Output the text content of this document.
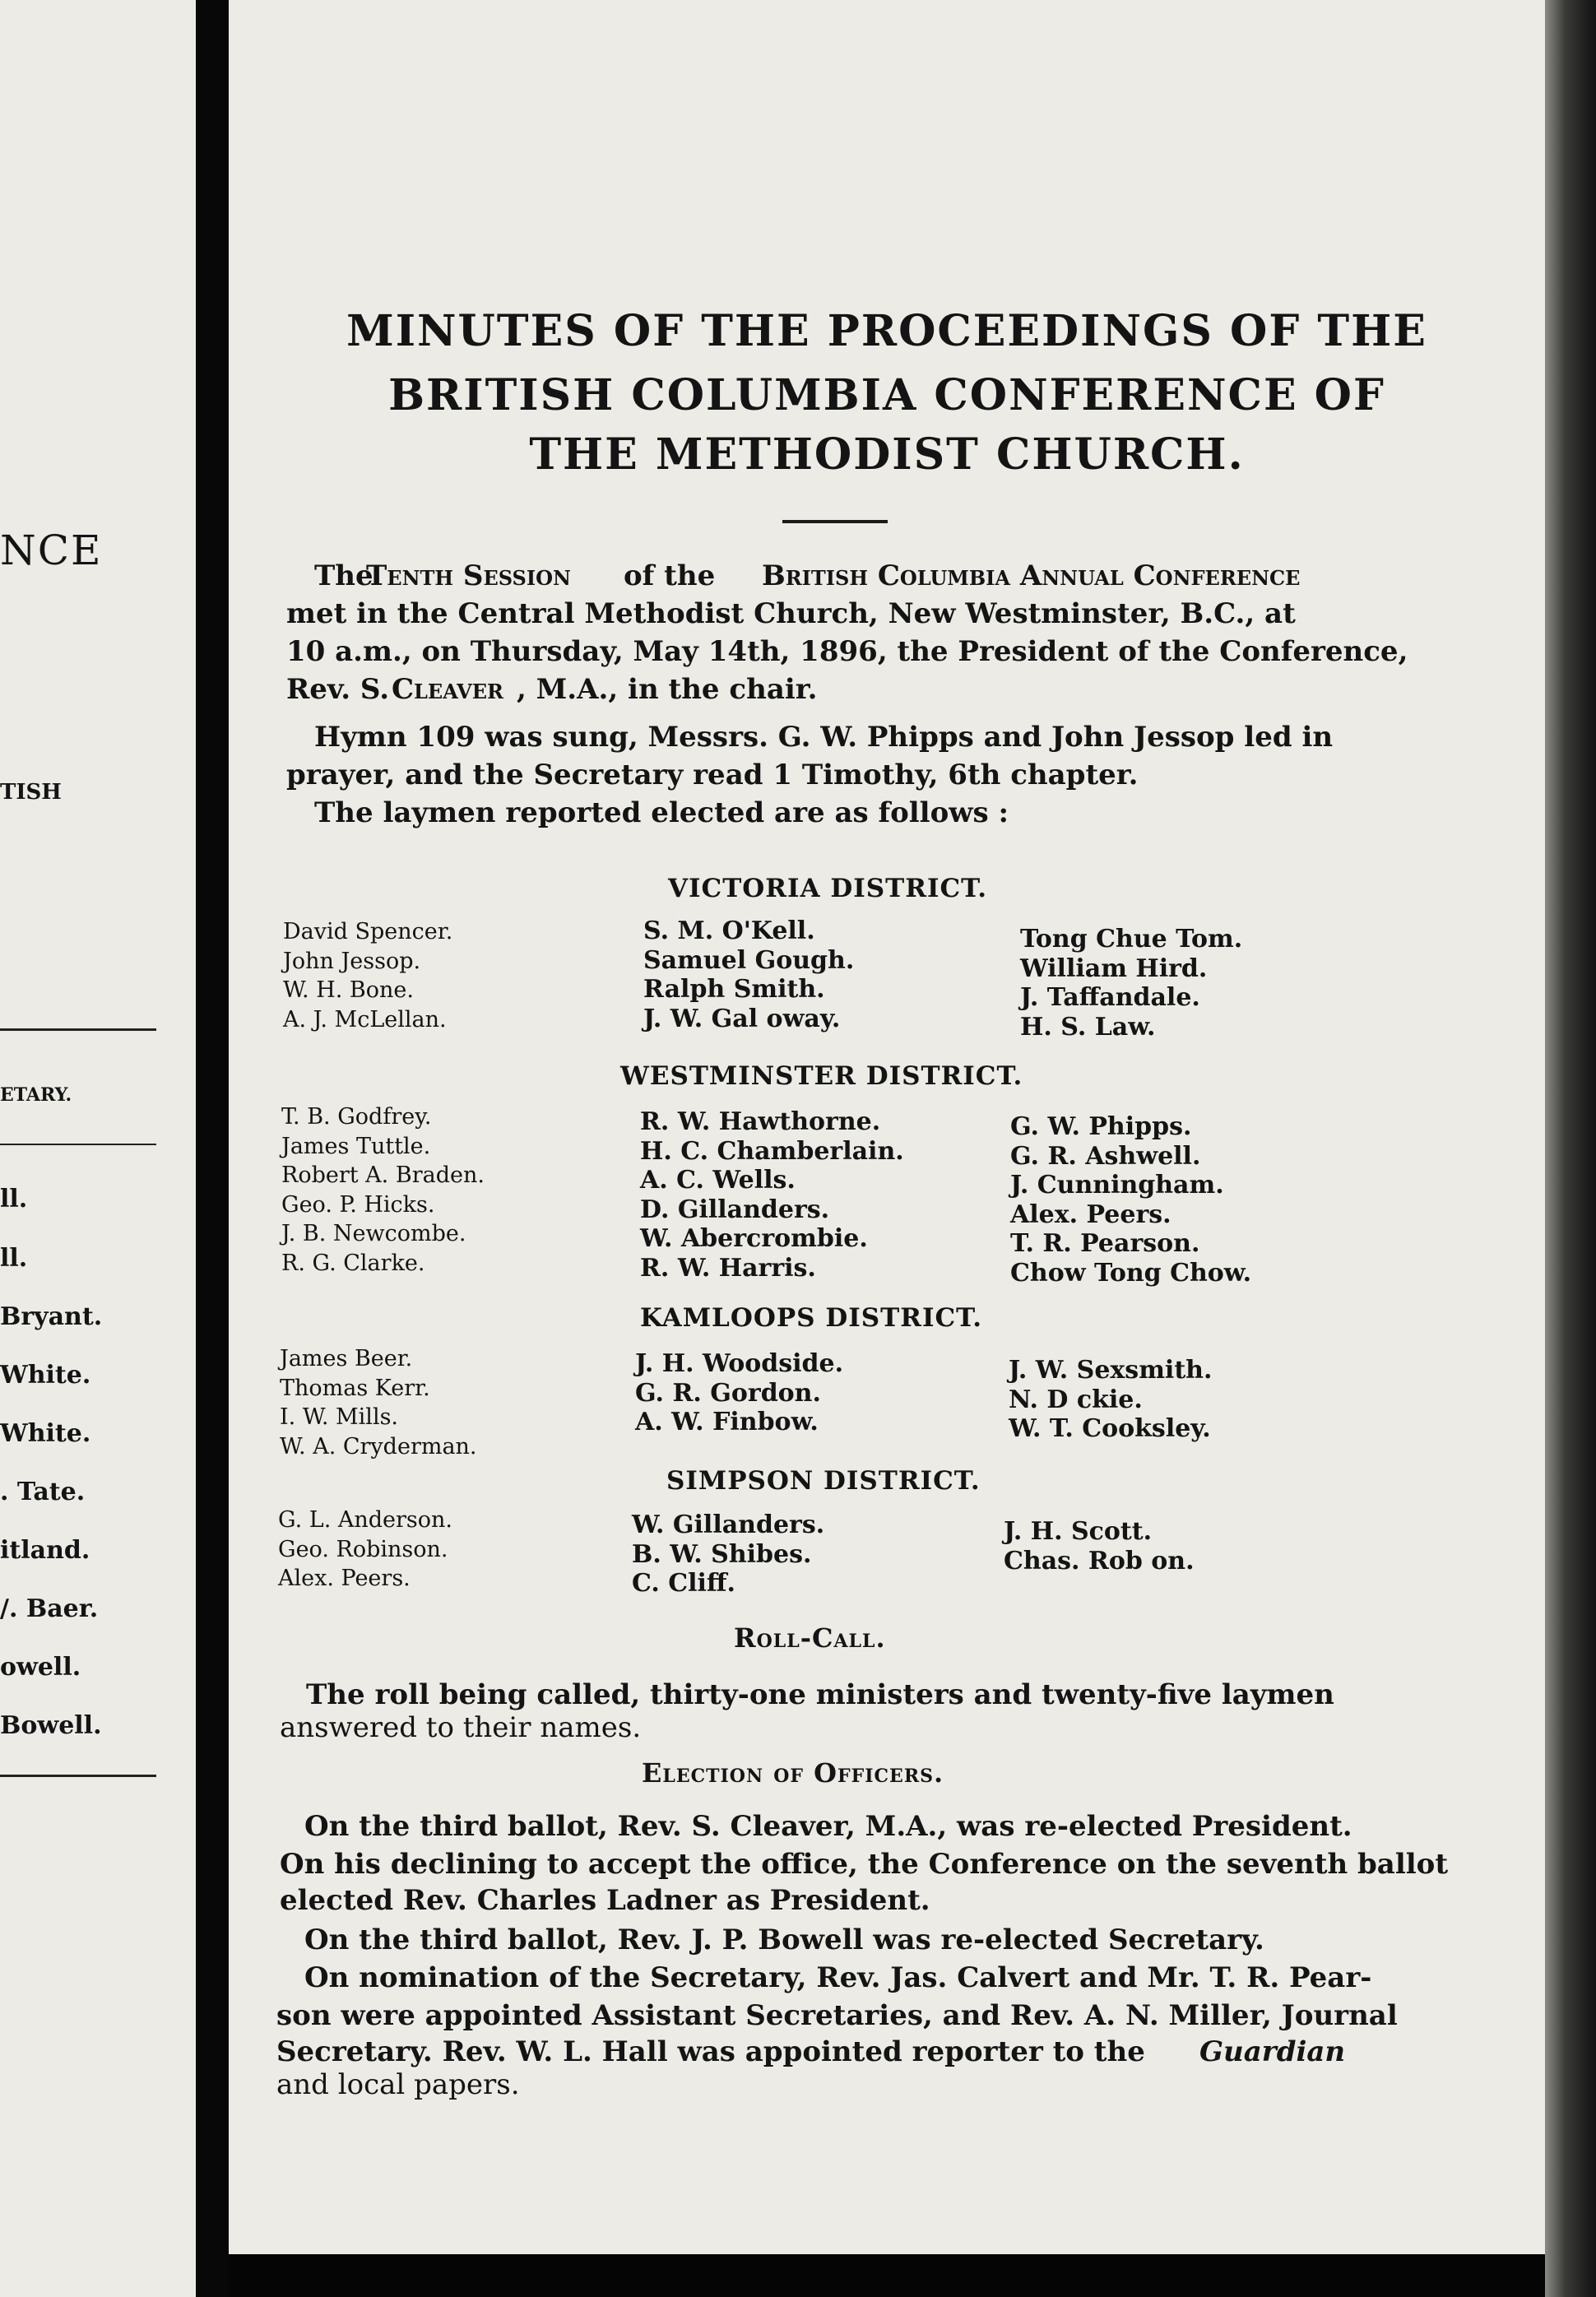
NCE
TISH
ETARY.
ll.
ll.
Bryant.
White.
White.
. Tate.
itland.
/. Baer.
owell.
Bowell.
MINUTES OF THE PROCEEDINGS OF THE
BRITISH COLUMBIA CONFERENCE OF
THE METHODIST CHURCH.
The
Tenth Session of the British Columbia Annual Conference
met in the Central Methodist Church, New Westminster, B.C., at
10 a.m., on Thursday, May 14th, 1896, the President of the Conference,
Rev. S. Cleaver , M.A., in the chair.
Hymn 109 was sung, Messrs. G. W. Phipps and John Jessop led in
prayer, and the Secretary read 1 Timothy, 6th chapter.
The laymen reported elected are as follows :
VICTORIA DISTRICT.
David Spencer.
John Jessop.
W. H. Bone.
A. J. McLellan.
S. M. O'Kell.
Samuel Gough.
Ralph Smith.
J. W. Gal oway.
Tong Chue Tom.
William Hird.
J. Taffandale.
H. S. Law.
WESTMINSTER DISTRICT.
T. B. Godfrey.
James Tuttle.
Robert A. Braden.
Geo. P. Hicks.
J. B. Newcombe.
R. G. Clarke.
R. W. Hawthorne.
H. C. Chamberlain.
A. C. Wells.
D. Gillanders.
W. Abercrombie.
R. W. Harris.
G. W. Phipps.
G. R. Ashwell.
J. Cunningham.
Alex. Peers.
T. R. Pearson.
Chow Tong Chow.
KAMLOOPS DISTRICT.
James Beer.
Thomas Kerr.
I. W. Mills.
W. A. Cryderman.
J. H. Woodside.
G. R. Gordon.
A. W. Finbow.
J. W. Sexsmith.
N. D ckie.
W. T. Cooksley.
SIMPSON DISTRICT.
G. L. Anderson.
Geo. Robinson.
Alex. Peers.
W. Gillanders.
B. W. Shibes.
C. Cliff.
J. H. Scott.
Chas. Rob on.
Roll-Call.
The roll being called, thirty-one ministers and twenty-five laymen
answered to their names.
Election of Officers.
On the third ballot, Rev. S. Cleaver, M.A., was re-elected President.
On his declining to accept the office, the Conference on the seventh ballot
elected Rev. Charles Ladner as President.
On the third ballot, Rev. J. P. Bowell was re-elected Secretary.
On nomination of the Secretary, Rev. Jas. Calvert and Mr. T. R. Pear-
son were appointed Assistant Secretaries, and Rev. A. N. Miller, Journal
Secretary. Rev. W. L. Hall was appointed reporter to the Guardian
and local papers.
